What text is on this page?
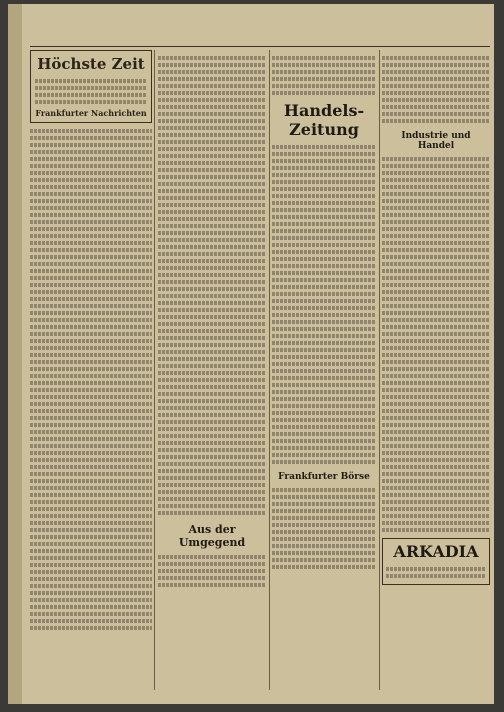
Höchste Zeit
Frankfurter Nachrichten
Aus der Umgegend
Handels-Zeitung
Frankfurter Börse
Industrie und Handel
ARKADIA
